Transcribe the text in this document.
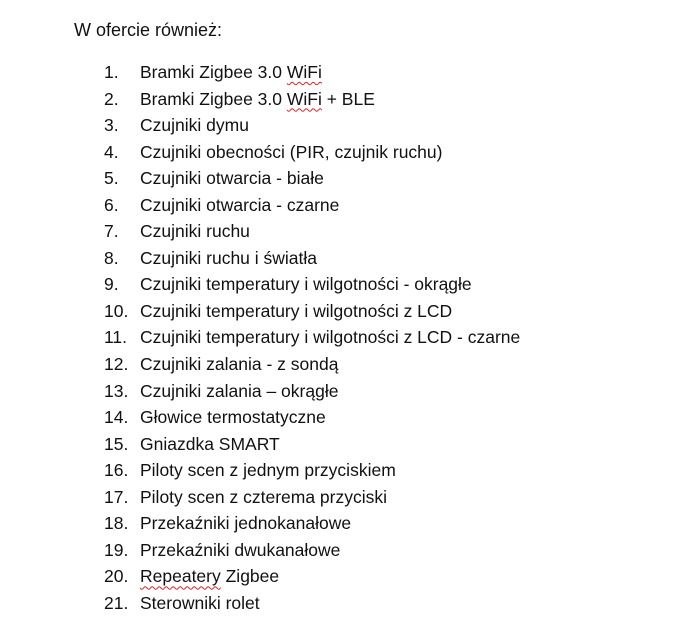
W ofercie również:
1. Bramki Zigbee 3.0 WiFi
2. Bramki Zigbee 3.0 WiFi + BLE
3. Czujniki dymu
4. Czujniki obecności (PIR, czujnik ruchu)
5. Czujniki otwarcia - białe
6. Czujniki otwarcia - czarne
7. Czujniki ruchu
8. Czujniki ruchu i światła
9. Czujniki temperatury i wilgotności - okrągłe
10. Czujniki temperatury i wilgotności z LCD
11. Czujniki temperatury i wilgotności z LCD - czarne
12. Czujniki zalania - z sondą
13. Czujniki zalania – okrągłe
14. Głowice termostatyczne
15. Gniazdka SMART
16. Piloty scen z jednym przyciskiem
17. Piloty scen z czterema przyciski
18. Przekaźniki jednokanałowe
19. Przekaźniki dwukanałowe
20. Repeatery Zigbee
21. Sterowniki rolet
